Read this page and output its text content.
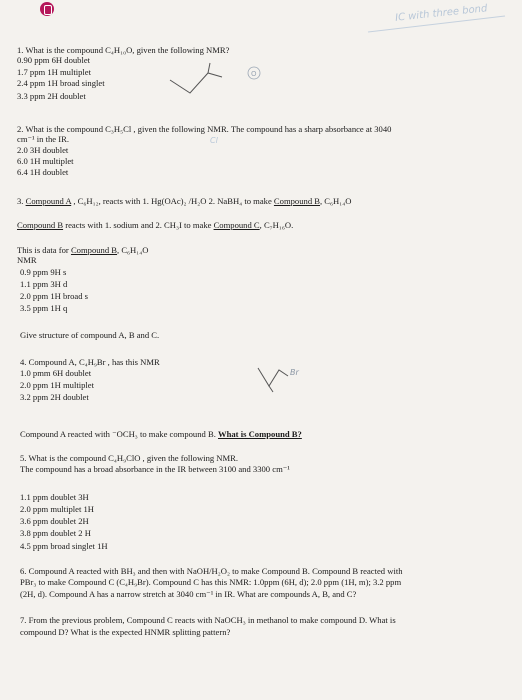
IC with three bond
1. What is the compound C₄H₁₀O, given the following NMR?
0.90 ppm 6H doublet
1.7 ppm 1H multiplet
2.4 ppm 1H broad singlet
3.3 ppm 2H doublet
O
2. What is the compound C₃H₅Cl , given the following NMR. The compound has a sharp absorbance at 3040
cm⁻¹ in the IR.	Cl
2.0 3H doublet
6.0 1H multiplet
6.4 1H doublet
3. Compound A , C₆H₁₂, reacts with 1. Hg(OAc)₂ /H₂O 2. NaBH₄ to make Compound B, C₆H₁₄O
Compound B reacts with 1. sodium and 2. CH₃I to make Compound C, C₇H₁₆O.
This is data for Compound B, C₆H₁₄O
NMR
0.9 ppm 9H s
1.1 ppm 3H d
2.0 ppm 1H broad s
3.5 ppm 1H q
Give structure of compound A, B and C.
4. Compound A, C₄H₉Br , has this NMR
1.0 pmm 6H doublet
2.0 ppm 1H multiplet
3.2 ppm 2H doublet
Br
Compound A reacted with ⁻OCH₃ to make compound B. What is Compound B?
5. What is the compound C₄H₉ClO , given the following NMR.
The compound has a broad absorbance in the IR between 3100 and 3300 cm⁻¹
1.1 ppm doublet 3H
2.0 ppm multiplet 1H
3.6 ppm doublet 2H
3.8 ppm doublet 2 H
4.5 ppm broad singlet 1H
6. Compound A reacted with BH₃ and then with NaOH/H₂O₂ to make Compound B. Compound B reacted with
PBr₃ to make Compound C (C₄H₉Br). Compound C has this NMR: 1.0ppm (6H, d); 2.0 ppm (1H, m); 3.2 ppm
(2H, d). Compound A has a narrow stretch at 3040 cm⁻¹ in IR. What are compounds A, B, and C?
7. From the previous problem, Compound C reacts with NaOCH₃ in methanol to make compound D. What is
compound D? What is the expected HNMR splitting pattern?
